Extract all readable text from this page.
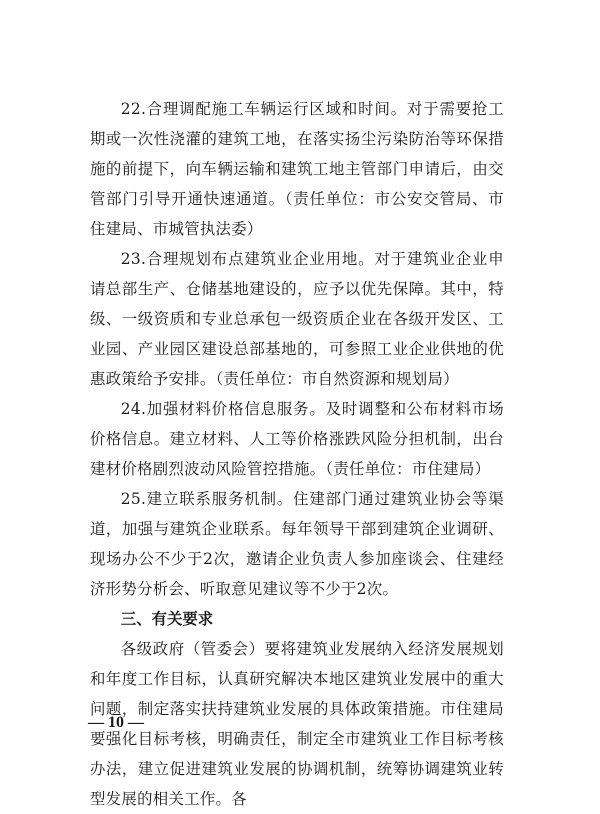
22.合理调配施工车辆运行区域和时间。对于需要抢工期或一次性浇灌的建筑工地，在落实扬尘污染防治等环保措施的前提下，向车辆运输和建筑工地主管部门申请后，由交管部门引导开通快速通道。（责任单位：市公安交管局、市住建局、市城管执法委）

23.合理规划布点建筑业企业用地。对于建筑业企业申请总部生产、仓储基地建设的，应予以优先保障。其中，特级、一级资质和专业总承包一级资质企业在各级开发区、工业园、产业园区建设总部基地的，可参照工业企业供地的优惠政策给予安排。（责任单位：市自然资源和规划局）

24.加强材料价格信息服务。及时调整和公布材料市场价格信息。建立材料、人工等价格涨跌风险分担机制，出台建材价格剧烈波动风险管控措施。（责任单位：市住建局）

25.建立联系服务机制。住建部门通过建筑业协会等渠道，加强与建筑企业联系。每年领导干部到建筑企业调研、现场办公不少于2次，邀请企业负责人参加座谈会、住建经济形势分析会、听取意见建议等不少于2次。

三、有关要求

各级政府（管委会）要将建筑业发展纳入经济发展规划和年度工作目标，认真研究解决本地区建筑业发展中的重大问题，制定落实扶持建筑业发展的具体政策措施。市住建局要强化目标考核，明确责任，制定全市建筑业工作目标考核办法，建立促进建筑业发展的协调机制，统筹协调建筑业转型发展的相关工作。各

— 10 —
